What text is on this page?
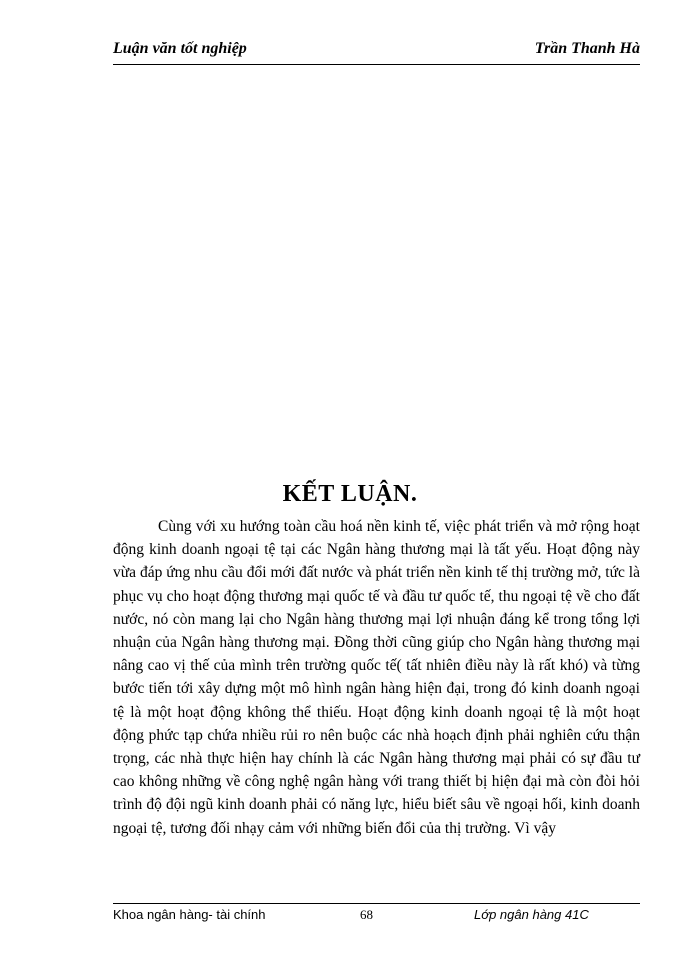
Luận văn tốt nghiệp	Trần Thanh Hà
KẾT LUẬN.

Cùng với xu hướng toàn cầu hoá nền kinh tế, việc phát triển và mở rộng hoạt động kinh doanh ngoại tệ tại các Ngân hàng thương mại là tất yếu. Hoạt động này vừa đáp ứng nhu cầu đổi mới đất nước và phát triển nền kinh tế thị trường mở, tức là phục vụ cho hoạt động thương mại quốc tế và đầu tư quốc tế, thu ngoại tệ về cho đất nước, nó còn mang lại cho Ngân hàng thương mại lợi nhuận đáng kể trong tổng lợi nhuận của Ngân hàng thương mại. Đồng thời cũng giúp cho Ngân hàng thương mại nâng cao vị thế của mình trên trường quốc tế( tất nhiên điều này là rất khó) và từng bước tiến tới xây dựng một mô hình ngân hàng hiện đại, trong đó kinh doanh ngoại tệ là một hoạt động không thể thiếu. Hoạt động kinh doanh ngoại tệ là một hoạt động phức tạp chứa nhiều rủi ro nên buộc các nhà hoạch định phải nghiên cứu thận trọng, các nhà thực hiện hay chính là các Ngân hàng thương mại phải có sự đầu tư cao không những về công nghệ ngân hàng với trang thiết bị hiện đại mà còn đòi hỏi trình độ đội ngũ kinh doanh phải có năng lực, hiểu biết sâu về ngoại hối, kinh doanh ngoại tệ, tương đối nhạy cảm với những biến đổi của thị trường. Vì vậy

Khoa ngân hàng- tài chính	68	Lớp ngân hàng 41C
